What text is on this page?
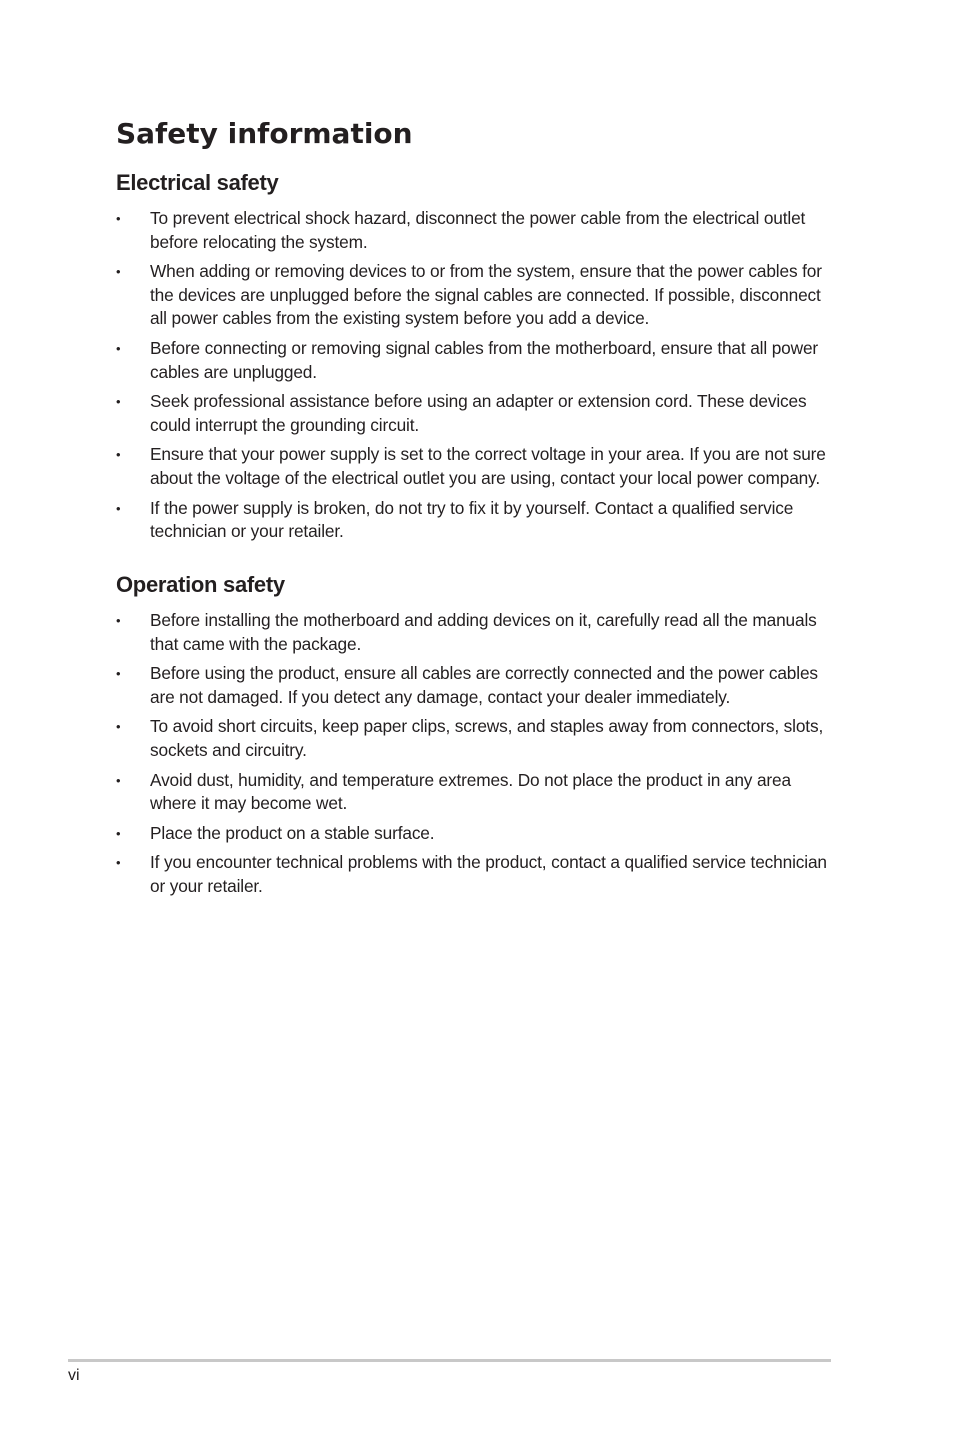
Safety information
Electrical safety
• To prevent electrical shock hazard, disconnect the power cable from the electrical outlet before relocating the system.
• When adding or removing devices to or from the system, ensure that the power cables for the devices are unplugged before the signal cables are connected. If possible, disconnect all power cables from the existing system before you add a device.
• Before connecting or removing signal cables from the motherboard, ensure that all power cables are unplugged.
• Seek professional assistance before using an adapter or extension cord. These devices could interrupt the grounding circuit.
• Ensure that your power supply is set to the correct voltage in your area. If you are not sure about the voltage of the electrical outlet you are using, contact your local power company.
• If the power supply is broken, do not try to fix it by yourself. Contact a qualified service technician or your retailer.
Operation safety
• Before installing the motherboard and adding devices on it, carefully read all the manuals that came with the package.
• Before using the product, ensure all cables are correctly connected and the power cables are not damaged. If you detect any damage, contact your dealer immediately.
• To avoid short circuits, keep paper clips, screws, and staples away from connectors, slots, sockets and circuitry.
• Avoid dust, humidity, and temperature extremes. Do not place the product in any area where it may become wet.
• Place the product on a stable surface.
• If you encounter technical problems with the product, contact a qualified service technician or your retailer.
vi
